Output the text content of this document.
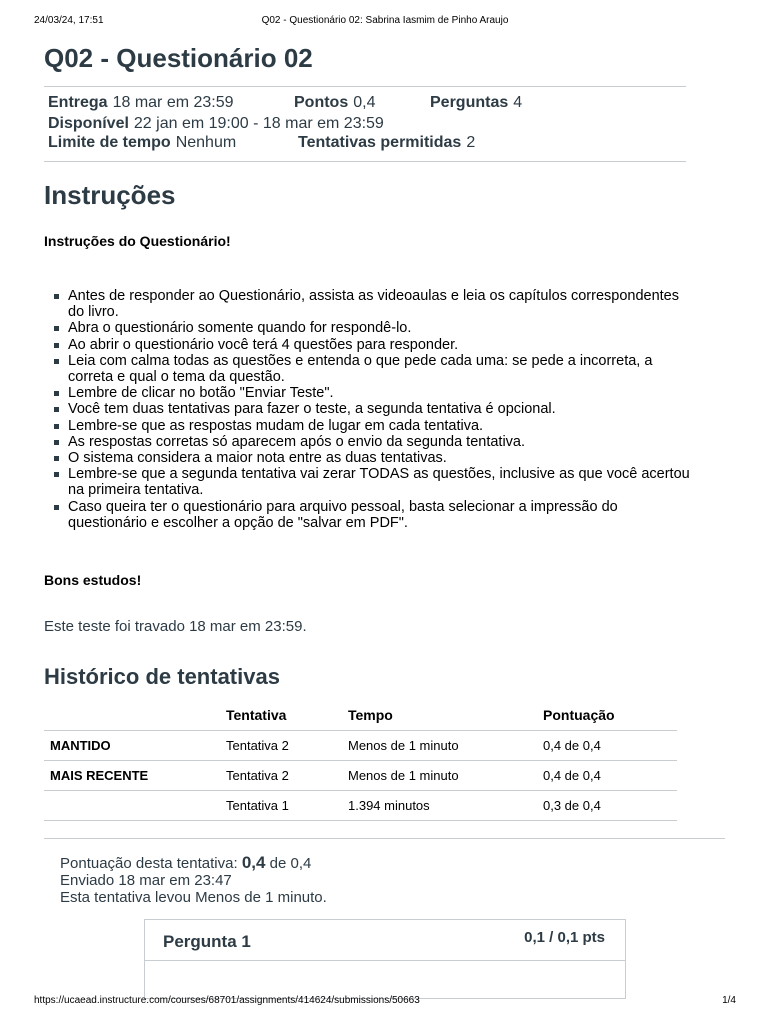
24/03/24, 17:51	Q02 - Questionário 02: Sabrina Iasmim de Pinho Araujo
Q02 - Questionário 02
Entrega 18 mar em 23:59	Pontos 0,4	Perguntas 4
Disponível 22 jan em 19:00 - 18 mar em 23:59
Limite de tempo Nenhum	Tentativas permitidas 2
Instruções
Instruções do Questionário!
Antes de responder ao Questionário, assista as videoaulas e leia os capítulos correspondentes do livro.
Abra o questionário somente quando for respondê-lo.
Ao abrir o questionário você terá 4 questões para responder.
Leia com calma todas as questões e entenda o que pede cada uma: se pede a incorreta, a correta e qual o tema da questão.
Lembre de clicar no botão "Enviar Teste".
Você tem duas tentativas para fazer o teste, a segunda tentativa é opcional.
Lembre-se que as respostas mudam de lugar em cada tentativa.
As respostas corretas só aparecem após o envio da segunda tentativa.
O sistema considera a maior nota entre as duas tentativas.
Lembre-se que a segunda tentativa vai zerar TODAS as questões, inclusive as que você acertou na primeira tentativa.
Caso queira ter o questionário para arquivo pessoal, basta selecionar a impressão do questionário e escolher a opção de "salvar em PDF".
Bons estudos!
Este teste foi travado 18 mar em 23:59.
Histórico de tentativas
	Tentativa	Tempo	Pontuação
MANTIDO	Tentativa 2	Menos de 1 minuto	0,4 de 0,4
MAIS RECENTE	Tentativa 2	Menos de 1 minuto	0,4 de 0,4
	Tentativa 1	1.394 minutos	0,3 de 0,4
Pontuação desta tentativa: 0,4 de 0,4
Enviado 18 mar em 23:47
Esta tentativa levou Menos de 1 minuto.
Pergunta 1	0,1 / 0,1 pts
https://ucaead.instructure.com/courses/68701/assignments/414624/submissions/50663	1/4
